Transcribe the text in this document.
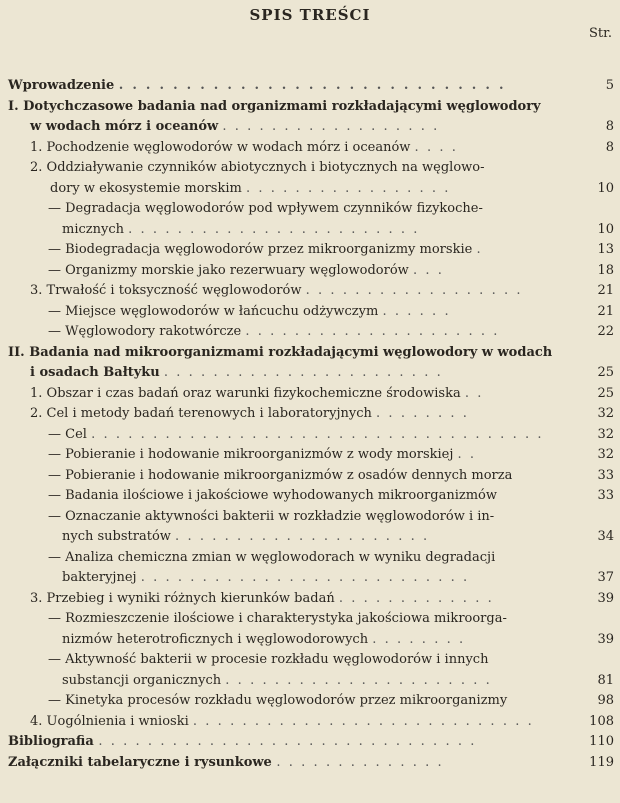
SPIS TREŚCI
Str.
Wprowadzenie .  .  .  .  .  .  .  .  .  .  .  .  .  .  .  .  .  .  .  .  .  .  .  .  .  .  .  .  .	5
I. Dotychczasowe badania nad organizmami rozkładającymi węglowodory
w wodach mórz i oceanów .  .  .  .  .  .  .  .  .  .  .  .  .  .  .  .  .  .	8
1. Pochodzenie węglowodorów w wodach mórz i oceanów .  .  .  .	8
2. Oddziaływanie czynników abiotycznych i biotycznych na węglowo-
dory w ekosystemie morskim .  .  .  .  .  .  .  .  .  .  .  .  .  .  .  .  .	10
— Degradacja węglowodorów pod wpływem czynników fizykoche-
micznych .  .  .  .  .  .  .  .  .  .  .  .  .  .  .  .  .  .  .  .  .  .  .  .	10
— Biodegradacja węglowodorów przez mikroorganizmy morskie .	13
— Organizmy morskie jako rezerwuary węglowodorów .  .  .	18
3. Trwałość i toksyczność węglowodorów .  .  .  .  .  .  .  .  .  .  .  .  .  .  .  .  .  .	21
— Miejsce węglowodorów w łańcuchu odżywczym .  .  .  .  .  .	21
— Węglowodory rakotwórcze .  .  .  .  .  .  .  .  .  .  .  .  .  .  .  .  .  .  .  .  .	22
II. Badania nad mikroorganizmami rozkładającymi węglowodory w wodach
i osadach Bałtyku .  .  .  .  .  .  .  .  .  .  .  .  .  .  .  .  .  .  .  .  .  .  .	25
1. Obszar i czas badań oraz warunki fizykochemiczne środowiska .  .	25
2. Cel i metody badań terenowych i laboratoryjnych .  .  .  .  .  .  .  .	32
— Cel .  .  .  .  .  .  .  .  .  .  .  .  .  .  .  .  .  .  .  .  .  .  .  .  .  .  .  .  .  .  .  .  .  .  .  .  .	32
— Pobieranie i hodowanie mikroorganizmów z wody morskiej .  .	32
— Pobieranie i hodowanie mikroorganizmów z osadów dennych morza	33
— Badania ilościowe i jakościowe wyhodowanych mikroorganizmów	33
— Oznaczanie aktywności bakterii w rozkładzie węglowodorów i in-
nych substratów .  .  .  .  .  .  .  .  .  .  .  .  .  .  .  .  .  .  .  .  .	34
— Analiza chemiczna zmian w węglowodorach w wyniku degradacji
bakteryjnej .  .  .  .  .  .  .  .  .  .  .  .  .  .  .  .  .  .  .  .  .  .  .  .  .  .  .	37
3. Przebieg i wyniki różnych kierunków badań .  .  .  .  .  .  .  .  .  .  .  .  .	39
— Rozmieszczenie ilościowe i charakterystyka jakościowa mikroorga-
nizmów heterotroficznych i węglowodorowych .  .  .  .  .  .  .  .	39
— Aktywność bakterii w procesie rozkładu węglowodorów i innych
substancji organicznych .  .  .  .  .  .  .  .  .  .  .  .  .  .  .  .  .  .  .  .  .  .	81
— Kinetyka procesów rozkładu węglowodorów przez mikroorganizmy	98
4. Uogólnienia i wnioski .  .  .  .  .  .  .  .  .  .  .  .  .  .  .  .  .  .  .  .  .  .  .  .  .  .  .  .	108
Bibliografia .  .  .  .  .  .  .  .  .  .  .  .  .  .  .  .  .  .  .  .  .  .  .  .  .  .  .  .  .  .  .	110
Załączniki tabelaryczne i rysunkowe .  .  .  .  .  .  .  .  .  .  .  .  .  .	119
